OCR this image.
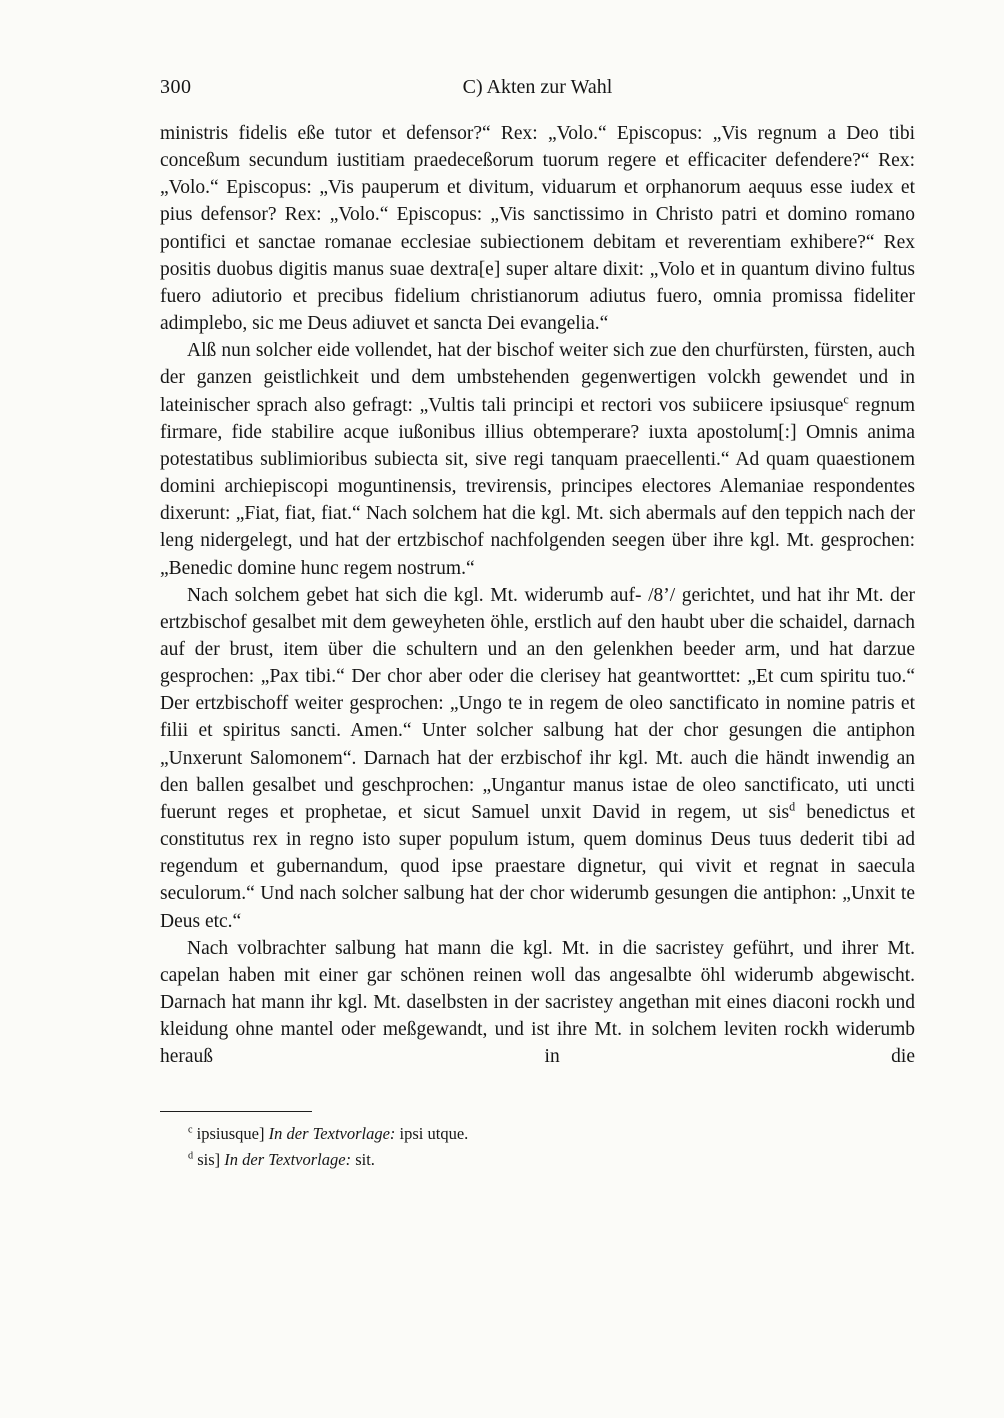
300	C) Akten zur Wahl

ministris fidelis eße tutor et defensor?“ Rex: „Volo.“ Episcopus: „Vis regnum a Deo tibi conceßum secundum iustitiam praedeceßorum tuorum regere et efficaciter defendere?“ Rex: „Volo.“ Episcopus: „Vis pauperum et divitum, viduarum et orphanorum aequus esse iudex et pius defensor? Rex: „Volo.“ Episcopus: „Vis sanctissimo in Christo patri et domino romano pontifici et sanctae romanae ecclesiae subiectionem debitam et reverentiam exhibere?“ Rex positis duobus digitis manus suae dextra[e] super altare dixit: „Volo et in quantum divino fultus fuero adiutorio et precibus fidelium christianorum adiutus fuero, omnia promissa fideliter adimplebo, sic me Deus adiuvet et sancta Dei evangelia.“

Alß nun solcher eide vollendet, hat der bischof weiter sich zue den churfürsten, fürsten, auch der ganzen geistlichkeit und dem umbstehenden gegenwertigen volckh gewendet und in lateinischer sprach also gefragt: „Vultis tali principi et rectori vos subiicere ipsiusque$^c$ regnum firmare, fide stabilire acque iußonibus illius obtemperare? iuxta apostolum[:] Omnis anima potestatibus sublimioribus subiecta sit, sive regi tanquam praecellenti.“ Ad quam quaestionem domini archiepiscopi moguntinensis, trevirensis, principes electores Alemaniae respondentes dixerunt: „Fiat, fiat, fiat.“ Nach solchem hat die kgl. Mt. sich abermals auf den teppich nach der leng nidergelegt, und hat der ertzbischof nachfolgenden seegen über ihre kgl. Mt. gesprochen: „Benedic domine hunc regem nostrum.“

Nach solchem gebet hat sich die kgl. Mt. widerumb auf- /8’/ gerichtet, und hat ihr Mt. der ertzbischof gesalbet mit dem geweyheten öhle, erstlich auf den haubt uber die schaidel, darnach auf der brust, item über die schultern und an den gelenkhen beeder arm, und hat darzue gesprochen: „Pax tibi.“ Der chor aber oder die clerisey hat geantworttet: „Et cum spiritu tuo.“ Der ertzbischoff weiter gesprochen: „Ungo te in regem de oleo sanctificato in nomine patris et filii et spiritus sancti. Amen.“ Unter solcher salbung hat der chor gesungen die antiphon „Unxerunt Salomonem“. Darnach hat der erzbischof ihr kgl. Mt. auch die händt inwendig an den ballen gesalbet und geschprochen: „Ungantur manus istae de oleo sanctificato, uti uncti fuerunt reges et prophetae, et sicut Samuel unxit David in regem, ut sis$^d$ benedictus et constitutus rex in regno isto super populum istum, quem dominus Deus tuus dederit tibi ad regendum et gubernandum, quod ipse praestare dignetur, qui vivit et regnat in saecula seculorum.“ Und nach solcher salbung hat der chor widerumb gesungen die antiphon: „Unxit te Deus etc.“

Nach volbrachter salbung hat mann die kgl. Mt. in die sacristey geführt, und ihrer Mt. capelan haben mit einer gar schönen reinen woll das angesalbte öhl widerumb abgewischt. Darnach hat mann ihr kgl. Mt. daselbsten in der sacristey angethan mit eines diaconi rockh und kleidung ohne mantel oder meßgewandt, und ist ihre Mt. in solchem leviten rockh widerumb herauß in die

$^c$ ipsiusque] In der Textvorlage: ipsi utque.

$^d$ sis] In der Textvorlage: sit.
